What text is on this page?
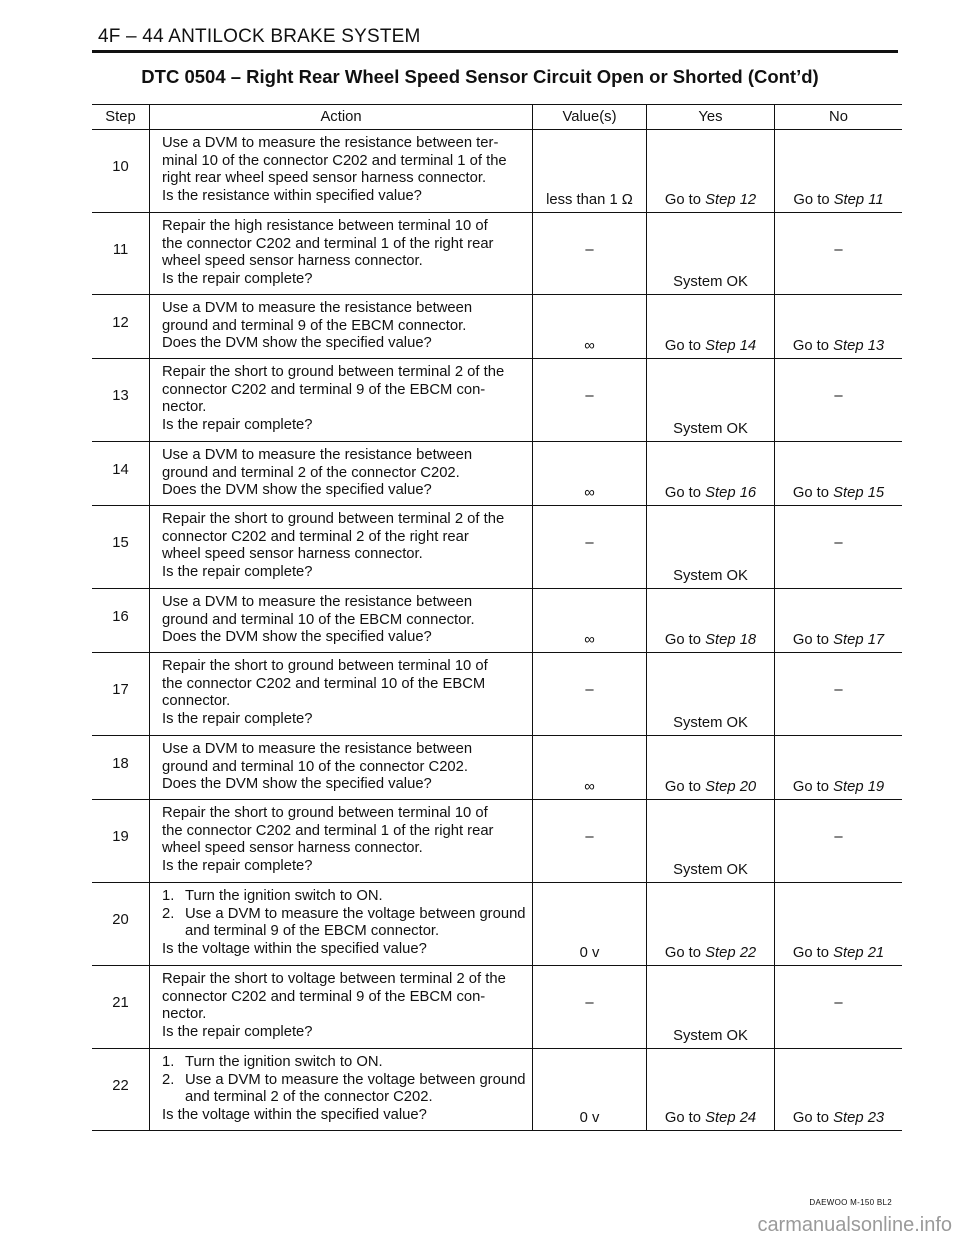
4F – 44 ANTILOCK BRAKE SYSTEM
DTC 0504 – Right Rear Wheel Speed Sensor Circuit Open or Shorted (Cont’d)
Step	Action	Value(s)	Yes	No

10	Use a DVM to measure the resistance between ter-
minal 10 of the connector C202 and terminal 1 of the
right rear wheel speed sensor harness connector.
Is the resistance within specified value?	less than 1 Ω	Go to Step 12	Go to Step 11

11	Repair the high resistance between terminal 10 of
the connector C202 and terminal 1 of the right rear
wheel speed sensor harness connector.
Is the repair complete?	–	System OK	–

12	Use a DVM to measure the resistance between
ground and terminal 9 of the EBCM connector.
Does the DVM show the specified value?	∞	Go to Step 14	Go to Step 13

13	Repair the short to ground between terminal 2 of the
connector C202 and terminal 9 of the EBCM con-
nector.
Is the repair complete?	–	System OK	–

14	Use a DVM to measure the resistance between
ground and terminal 2 of the connector C202.
Does the DVM show the specified value?	∞	Go to Step 16	Go to Step 15

15	Repair the short to ground between terminal 2 of the
connector C202 and terminal 2 of the right rear
wheel speed sensor harness connector.
Is the repair complete?	–	System OK	–

16	Use a DVM to measure the resistance between
ground and terminal 10 of the EBCM connector.
Does the DVM show the specified value?	∞	Go to Step 18	Go to Step 17

17	Repair the short to ground between terminal 10 of
the connector C202 and terminal 10 of the EBCM
connector.
Is the repair complete?	–	System OK	–

18	Use a DVM to measure the resistance between
ground and terminal 10 of the connector C202.
Does the DVM show the specified value?	∞	Go to Step 20	Go to Step 19

19	Repair the short to ground between terminal 10 of
the connector C202 and terminal 1 of the right rear
wheel speed sensor harness connector.
Is the repair complete?	–	System OK	–

20	1. Turn the ignition switch to ON.
2. Use a DVM to measure the voltage between ground and terminal 9 of the EBCM connector.
Is the voltage within the specified value?	0 v	Go to Step 22	Go to Step 21

21	Repair the short to voltage between terminal 2 of the
connector C202 and terminal 9 of the EBCM con-
nector.
Is the repair complete?	–	System OK	–

22	1. Turn the ignition switch to ON.
2. Use a DVM to measure the voltage between ground and terminal 2 of the connector C202.
Is the voltage within the specified value?	0 v	Go to Step 24	Go to Step 23
DAEWOO M-150 BL2
carmanualsonline.info
